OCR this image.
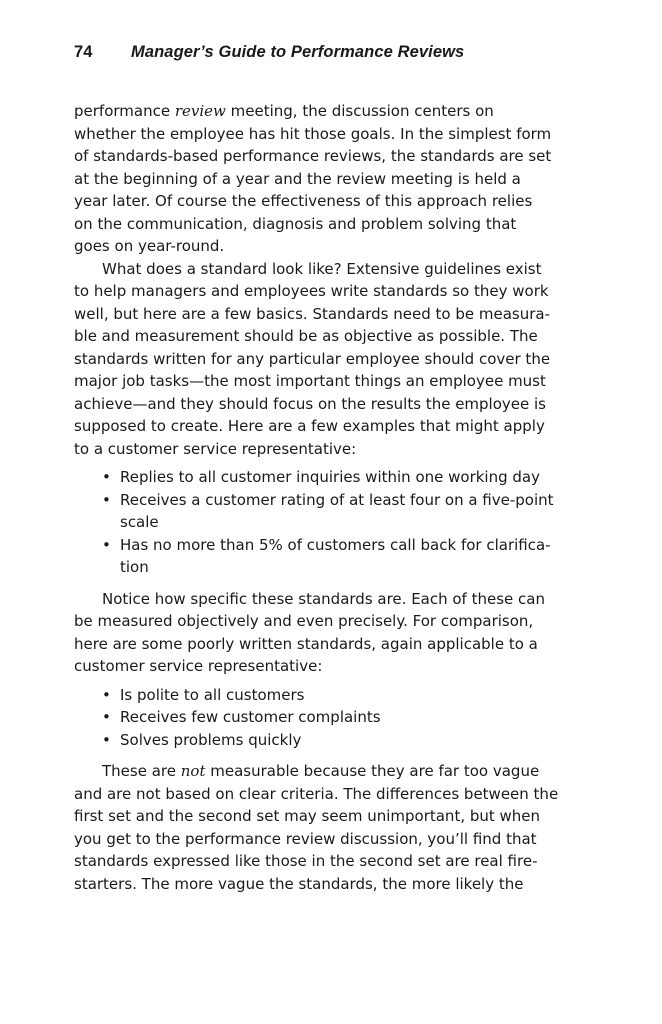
74 Manager’s Guide to Performance Reviews
performance review meeting, the discussion centers on
whether the employee has hit those goals. In the simplest form
of standards-based performance reviews, the standards are set
at the beginning of a year and the review meeting is held a
year later. Of course the effectiveness of this approach relies
on the communication, diagnosis and problem solving that
goes on year-round.
What does a standard look like? Extensive guidelines exist
to help managers and employees write standards so they work
well, but here are a few basics. Standards need to be measura-
ble and measurement should be as objective as possible. The
standards written for any particular employee should cover the
major job tasks—the most important things an employee must
achieve—and they should focus on the results the employee is
supposed to create. Here are a few examples that might apply
to a customer service representative:
• Replies to all customer inquiries within one working day
• Receives a customer rating of at least four on a five-point
scale
• Has no more than 5% of customers call back for clarifica-
tion
Notice how specific these standards are. Each of these can
be measured objectively and even precisely. For comparison,
here are some poorly written standards, again applicable to a
customer service representative:
• Is polite to all customers
• Receives few customer complaints
• Solves problems quickly
These are not measurable because they are far too vague
and are not based on clear criteria. The differences between the
first set and the second set may seem unimportant, but when
you get to the performance review discussion, you’ll find that
standards expressed like those in the second set are real fire-
starters. The more vague the standards, the more likely the
